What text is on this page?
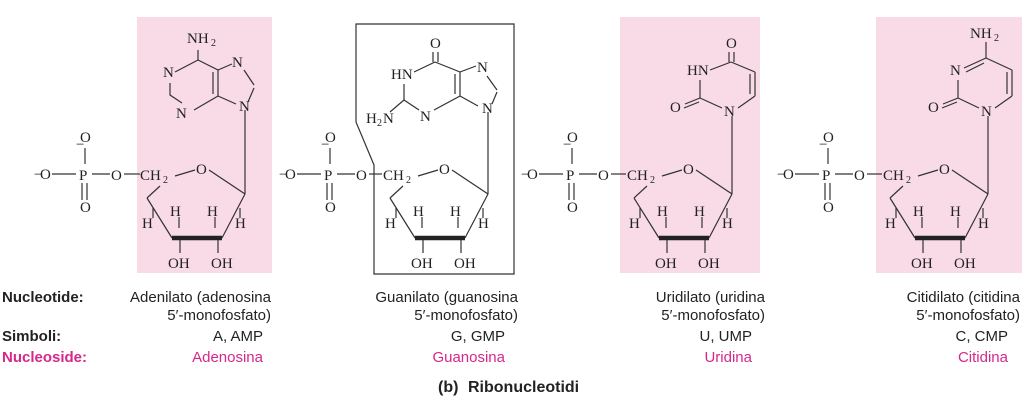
−
O
−
O P O
O
CH 2
O
H
H H
H
OH OH
NH 2
N
N
N
N
−
O
−
O P O
O
CH 2
O
H
H H
H
OH OH
O
HN
N
H 2 N
N
N
−
O
−
O P O
O
CH 2
O
H
H H
H
OH OH
O
HN
O	N
−
O
−
O P O
O
CH 2
O
H
H H
H
OH OH
NH 2
N
O	N
Nucleotide:
Simboli:
Nucleoside:
Adenilato (adenosina
5′-monofosfato)
A, AMP
Adenosina
Guanilato (guanosina
5′-monofosfato)
G, GMP
Guanosina
Uridilato (uridina
5′-monofosfato)
U, UMP
Uridina
Citidilato (citidina
5′-monofosfato)
C, CMP
Citidina
(b) Ribonucleotidi
